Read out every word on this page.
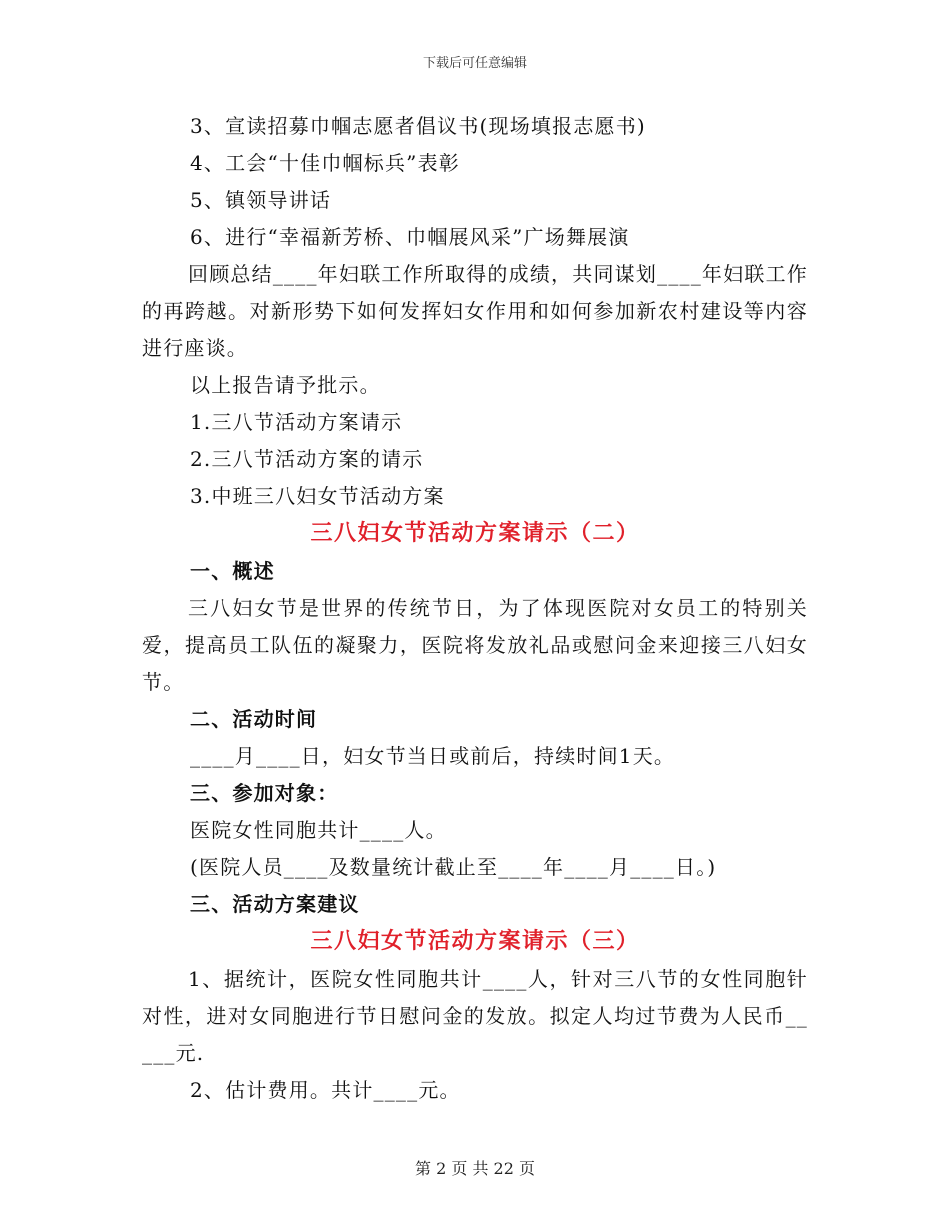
下载后可任意编辑
3、宣读招募巾帼志愿者倡议书(现场填报志愿书)
4、工会“十佳巾帼标兵”表彰
5、镇领导讲话
6、进行“幸福新芳桥、巾帼展风采”广场舞展演
回顾总结____年妇联工作所取得的成绩，共同谋划____年妇联工作的再跨越。对新形势下如何发挥妇女作用和如何参加新农村建设等内容进行座谈。
以上报告请予批示。
1.三八节活动方案请示
2.三八节活动方案的请示
3.中班三八妇女节活动方案
三八妇女节活动方案请示（二）
一、概述
三八妇女节是世界的传统节日，为了体现医院对女员工的特别关爱，提高员工队伍的凝聚力，医院将发放礼品或慰问金来迎接三八妇女节。
二、活动时间
____月____日，妇女节当日或前后，持续时间1天。
三、参加对象：
医院女性同胞共计____人。
(医院人员____及数量统计截止至____年____月____日。)
三、活动方案建议
三八妇女节活动方案请示（三）
1、据统计，医院女性同胞共计____人，针对三八节的女性同胞针对性，进对女同胞进行节日慰问金的发放。拟定人均过节费为人民币_____元.
2、估计费用。共计____元。
第 2 页 共 22 页
